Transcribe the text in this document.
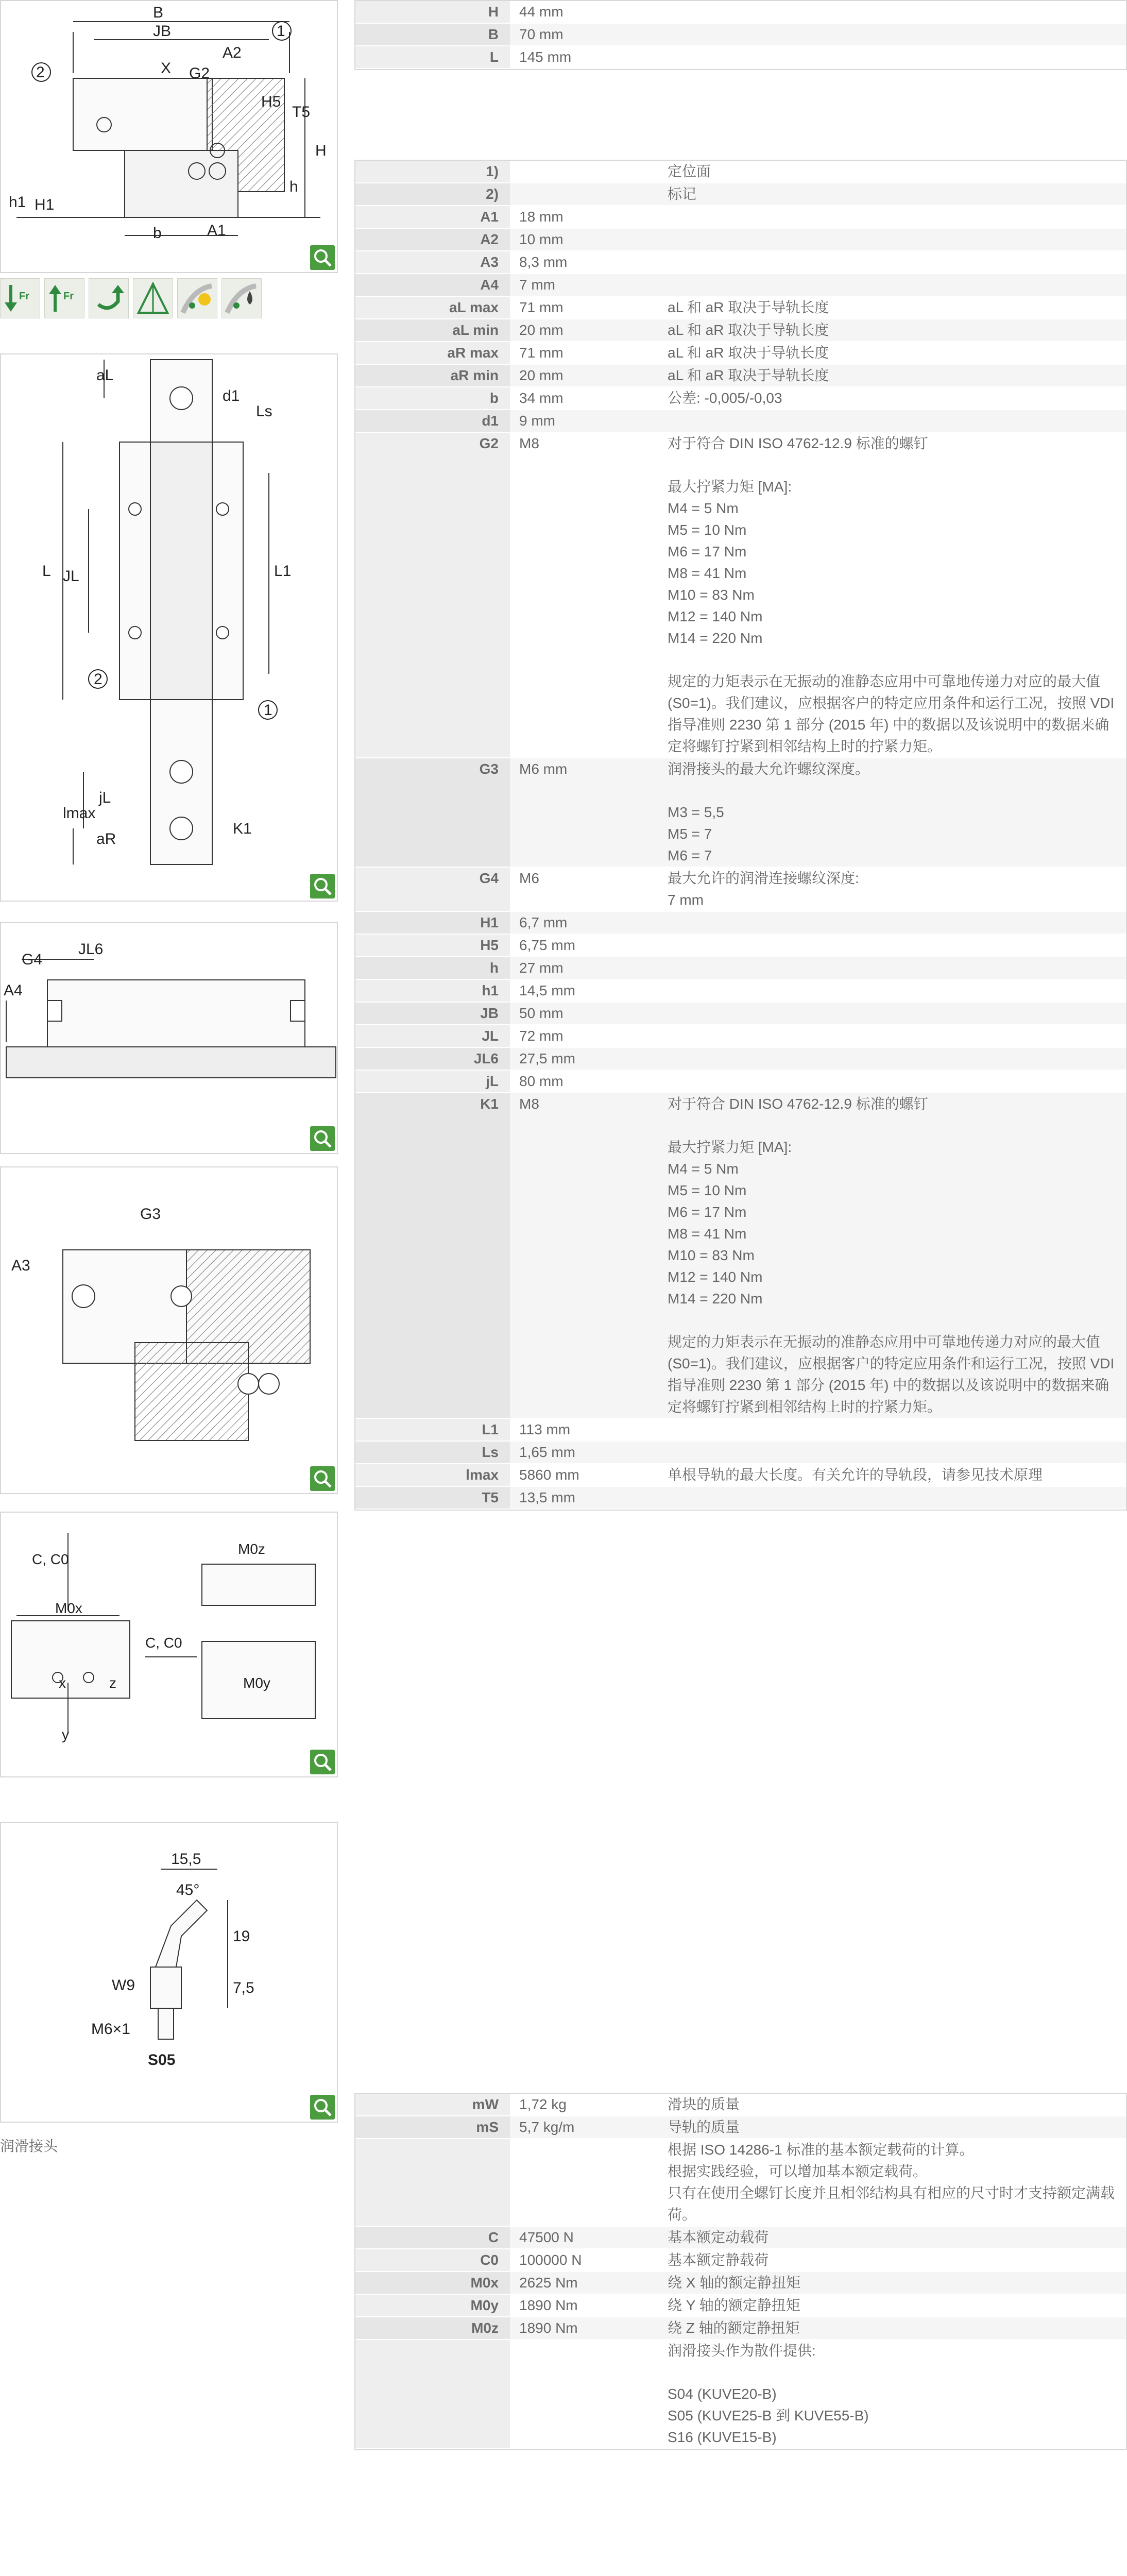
B
JB
A2
G2
X
H5
T5
H
h
h1 H1
b	A1
1
2
Fr	Fr
aL
d1
Ls
L JL	L1
jL
lmax
aR
K1
1
2
G4
JL6
A4
G3
A3
C, C0
M0x
C, C0
M0z
M0y
x
y
z
15,5
45°
19
7,5
W9
M6×1
S05
润滑接头
H	44 mm
B	70 mm
L	145 mm
1)	定位面
2)	标记
A1	18 mm
A2	10 mm
A3	8,3 mm
A4	7 mm
aL max	71 mm	aL 和 aR 取决于导轨长度
aL min	20 mm	aL 和 aR 取决于导轨长度
aR max	71 mm	aL 和 aR 取决于导轨长度
aR min	20 mm	aL 和 aR 取决于导轨长度
b	34 mm	公差: -0,005/-0,03
d1	9 mm
G2	M8	对于符合 DIN ISO 4762-12.9 标准的螺钉

最大拧紧力矩 [MA]:
M4 = 5 Nm
M5 = 10 Nm
M6 = 17 Nm
M8 = 41 Nm
M10 = 83 Nm
M12 = 140 Nm
M14 = 220 Nm

规定的力矩表示在无振动的准静态应用中可靠地传递力对应的最大值 (S0=1)。我们建议，应根据客户的特定应用条件和运行工况，按照 VDI 指导准则 2230 第 1 部分 (2015 年) 中的数据以及该说明中的数据来确定将螺钉拧紧到相邻结构上时的拧紧力矩。
G3	M6 mm	润滑接头的最大允许螺纹深度。

M3 = 5,5
M5 = 7
M6 = 7
G4	M6	最大允许的润滑连接螺纹深度:
7 mm
H1	6,7 mm
H5	6,75 mm
h	27 mm
h1	14,5 mm
JB	50 mm
JL	72 mm
JL6	27,5 mm
jL	80 mm
K1	M8	对于符合 DIN ISO 4762-12.9 标准的螺钉

最大拧紧力矩 [MA]:
M4 = 5 Nm
M5 = 10 Nm
M6 = 17 Nm
M8 = 41 Nm
M10 = 83 Nm
M12 = 140 Nm
M14 = 220 Nm

规定的力矩表示在无振动的准静态应用中可靠地传递力对应的最大值 (S0=1)。我们建议，应根据客户的特定应用条件和运行工况，按照 VDI 指导准则 2230 第 1 部分 (2015 年) 中的数据以及该说明中的数据来确定将螺钉拧紧到相邻结构上时的拧紧力矩。
L1	113 mm
Ls	1,65 mm
lmax	5860 mm	单根导轨的最大长度。有关允许的导轨段，请参见技术原理
T5	13,5 mm
mW	1,72 kg	滑块的质量
mS	5,7 kg/m	导轨的质量
根据 ISO 14286-1 标准的基本额定载荷的计算。
根据实践经验，可以增加基本额定载荷。
只有在使用全螺钉长度并且相邻结构具有相应的尺寸时才支持额定满载荷。
C	47500 N	基本额定动载荷
C0	100000 N	基本额定静载荷
M0x	2625 Nm	绕 X 轴的额定静扭矩
M0y	1890 Nm	绕 Y 轴的额定静扭矩
M0z	1890 Nm	绕 Z 轴的额定静扭矩
润滑接头作为散件提供:

S04 (KUVE20-B)
S05 (KUVE25-B 到 KUVE55-B)
S16 (KUVE15-B)
